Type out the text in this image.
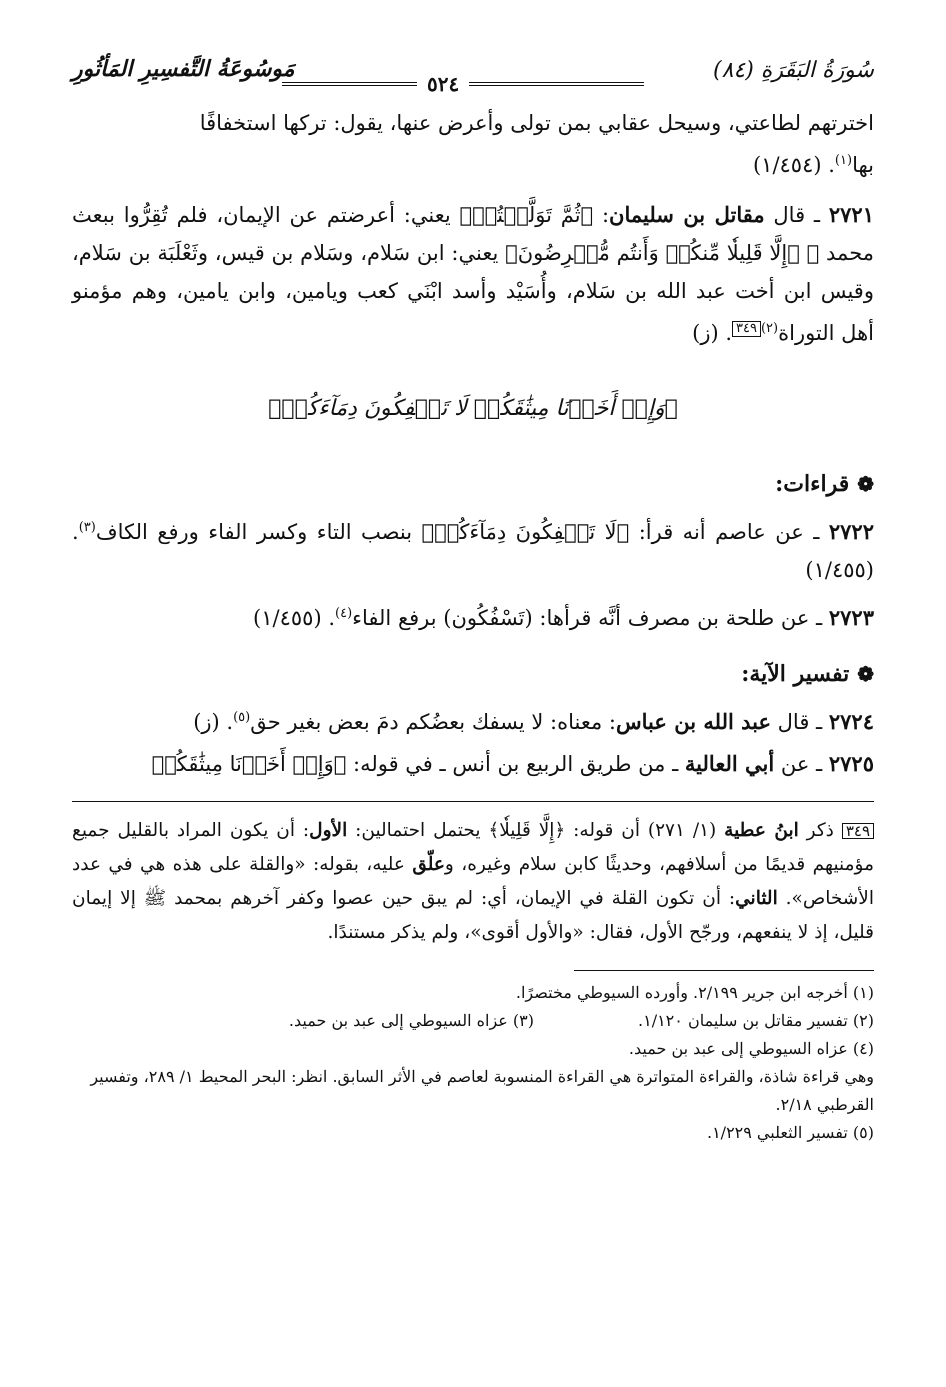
سُورَةُ البَقَرَةِ (٨٤)
٥٢٤
مَوسُوعَةُ التَّفسِيرِ المَأثُورِ

اخترتهم لطاعتي، وسيحل عقابي بمن تولى وأعرض عنها، يقول: تركها استخفافًا
بها$^{(١)}$. (١/٤٥٤)

٢٧٢١ ـ قال مقاتل بن سليمان: ﴿ثُمَّ تَوَلَّيۡتُمۡ﴾ يعني: أعرضتم عن الإيمان، فلم تُقِرُّوا ببعث محمد ﷺ ﴿إِلَّا قَلِيلٗا مِّنكُمۡ وَأَنتُم مُّعۡرِضُونَ﴾ يعني: ابن سَلام، وسَلام بن قيس، وثَعْلَبَة بن سَلام، وقيس ابن أخت عبد الله بن سَلام، وأُسَيْد وأسد ابْنَي كعب ويامين، وابن يامين، وهم مؤمنو أهل التوراة$^{(٢)}$٣٤٩. (ز)

﴿وَإِذۡ أَخَذۡنَا مِيثَٰقَكُمۡ لَا تَسۡفِكُونَ دِمَآءَكُمۡ﴾
❁قراءات:

٢٧٢٢ ـ عن عاصم أنه قرأ: ﴿لَا تَسۡفِكُونَ دِمَآءَكُمۡ﴾ بنصب التاء وكسر الفاء ورفع الكاف$^{(٣)}$. (١/٤٥٥)

٢٧٢٣ ـ عن طلحة بن مصرف أنَّه قرأها: (تَسْفُكُون) برفع الفاء$^{(٤)}$. (١/٤٥٥)

❁تفسير الآية:

٢٧٢٤ ـ قال عبد الله بن عباس: معناه: لا يسفك بعضُكم دمَ بعض بغير حق$^{(٥)}$. (ز)

٢٧٢٥ ـ عن أبي العالية ـ من طريق الربيع بن أنس ـ في قوله: ﴿وَإِذۡ أَخَذۡنَا مِيثَٰقَكُمۡ

٣٤٩ ذكر ابنُ عطية (١/ ٢٧١) أن قوله: ﴿إِلَّا قَلِيلٗا﴾ يحتمل احتمالين: الأول: أن يكون المراد بالقليل جميع مؤمنيهم قديمًا من أسلافهم، وحديثًا كابن سلام وغيره، وعلّق عليه، بقوله: «والقلة على هذه هي في عدد الأشخاص». الثاني: أن تكون القلة في الإيمان، أي: لم يبق حين عصوا وكفر آخرهم بمحمد ﷺ إلا إيمان قليل، إذ لا ينفعهم، ورجّح الأول، فقال: «والأول أقوى»، ولم يذكر مستندًا.

(١) أخرجه ابن جرير ٢/١٩٩. وأورده السيوطي مختصرًا.

(٢) تفسير مقاتل بن سليمان ١/١٢٠.

(٣) عزاه السيوطي إلى عبد بن حميد.

(٤) عزاه السيوطي إلى عبد بن حميد.

وهي قراءة شاذة، والقراءة المتواترة هي القراءة المنسوبة لعاصم في الأثر السابق. انظر: البحر المحيط ١/ ٢٨٩، وتفسير القرطبي ٢/١٨.

(٥) تفسير الثعلبي ١/٢٢٩.
